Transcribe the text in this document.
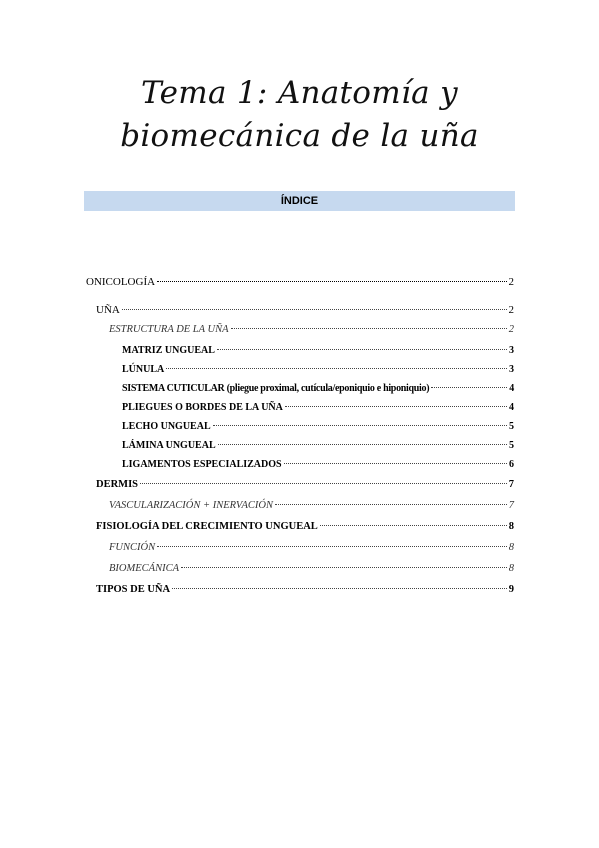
Tema 1: Anatomía y
biomecánica de la uña
ÍNDICE
ONICOLOGÍA	2
UÑA	2
ESTRUCTURA DE LA UÑA	2
MATRIZ UNGUEAL	3
LÚNULA	3
SISTEMA CUTICULAR (pliegue proximal, cutícula/eponiquio e hiponiquio)	4
PLIEGUES O BORDES DE LA UÑA	4
LECHO UNGUEAL	5
LÁMINA UNGUEAL	5
LIGAMENTOS ESPECIALIZADOS	6
DERMIS	7
VASCULARIZACIÓN + INERVACIÓN	7
FISIOLOGÍA DEL CRECIMIENTO UNGUEAL	8
FUNCIÓN	8
BIOMECÁNICA	8
TIPOS DE UÑA	9
